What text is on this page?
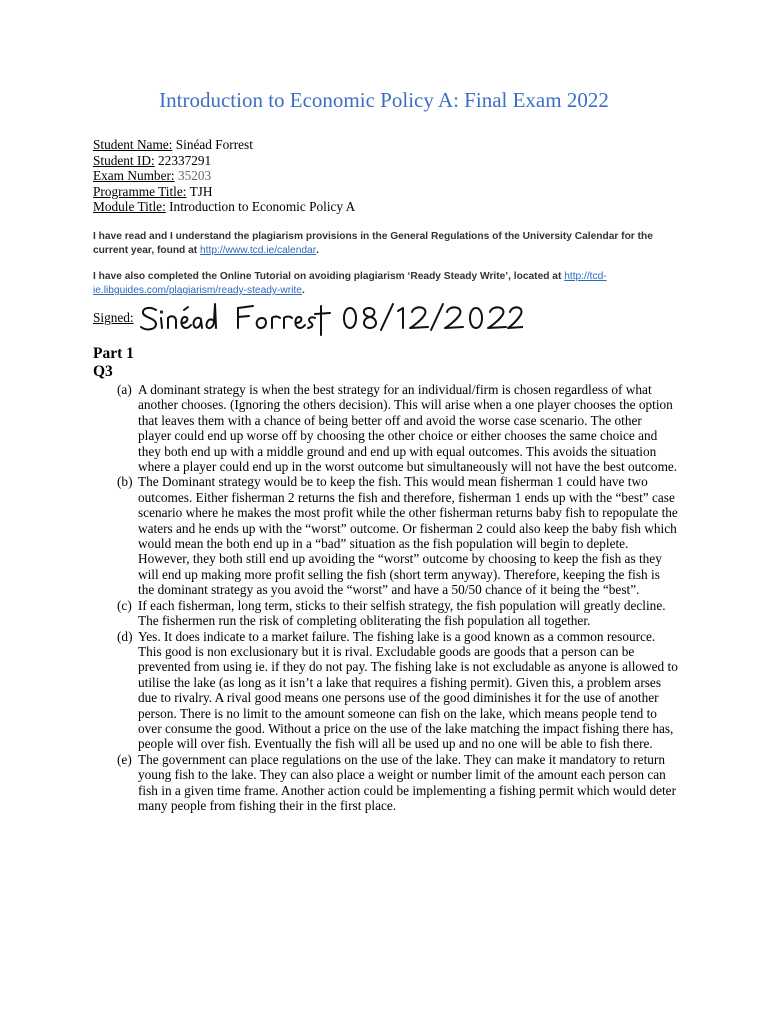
Introduction to Economic Policy A: Final Exam 2022
Student Name: Sinéad Forrest
Student ID: 22337291
Exam Number: 35203
Programme Title: TJH
Module Title: Introduction to Economic Policy A
I have read and I understand the plagiarism provisions in the General Regulations of the University Calendar for the current year, found at http://www.tcd.ie/calendar.
I have also completed the Online Tutorial on avoiding plagiarism ‘Ready Steady Write’, located at http://tcd-ie.libguides.com/plagiarism/ready-steady-write.
Signed:
Part 1
Q3
(a) A dominant strategy is when the best strategy for an individual/firm is chosen regardless of what another chooses. (Ignoring the others decision). This will arise when a one player chooses the option that leaves them with a chance of being better off and avoid the worse case scenario. The other player could end up worse off by choosing the other choice or either chooses the same choice and they both end up with a middle ground and end up with equal outcomes. This avoids the situation where a player could end up in the worst outcome but simultaneously will not have the best outcome.
(b) The Dominant strategy would be to keep the fish. This would mean fisherman 1 could have two outcomes. Either fisherman 2 returns the fish and therefore, fisherman 1 ends up with the “best” case scenario where he makes the most profit while the other fisherman returns baby fish to repopulate the waters and he ends up with the “worst” outcome. Or fisherman 2 could also keep the baby fish which would mean the both end up in a “bad” situation as the fish population will begin to deplete. However, they both still end up avoiding the “worst” outcome by choosing to keep the fish as they will end up making more profit selling the fish (short term anyway). Therefore, keeping the fish is the dominant strategy as you avoid the “worst” and have a 50/50 chance of it being the “best”.
(c) If each fisherman, long term, sticks to their selfish strategy, the fish population will greatly decline. The fishermen run the risk of completing obliterating the fish population all together.
(d) Yes. It does indicate to a market failure. The fishing lake is a good known as a common resource. This good is non exclusionary but it is rival. Excludable goods are goods that a person can be prevented from using ie. if they do not pay. The fishing lake is not excludable as anyone is allowed to utilise the lake (as long as it isn’t a lake that requires a fishing permit). Given this, a problem arses due to rivalry. A rival good means one persons use of the good diminishes it for the use of another person. There is no limit to the amount someone can fish on the lake, which means people tend to over consume the good. Without a price on the use of the lake matching the impact fishing there has, people will over fish. Eventually the fish will all be used up and no one will be able to fish there.
(e) The government can place regulations on the use of the lake. They can make it mandatory to return young fish to the lake. They can also place a weight or number limit of the amount each person can fish in a given time frame. Another action could be implementing a fishing permit which would deter many people from fishing their in the first place.
